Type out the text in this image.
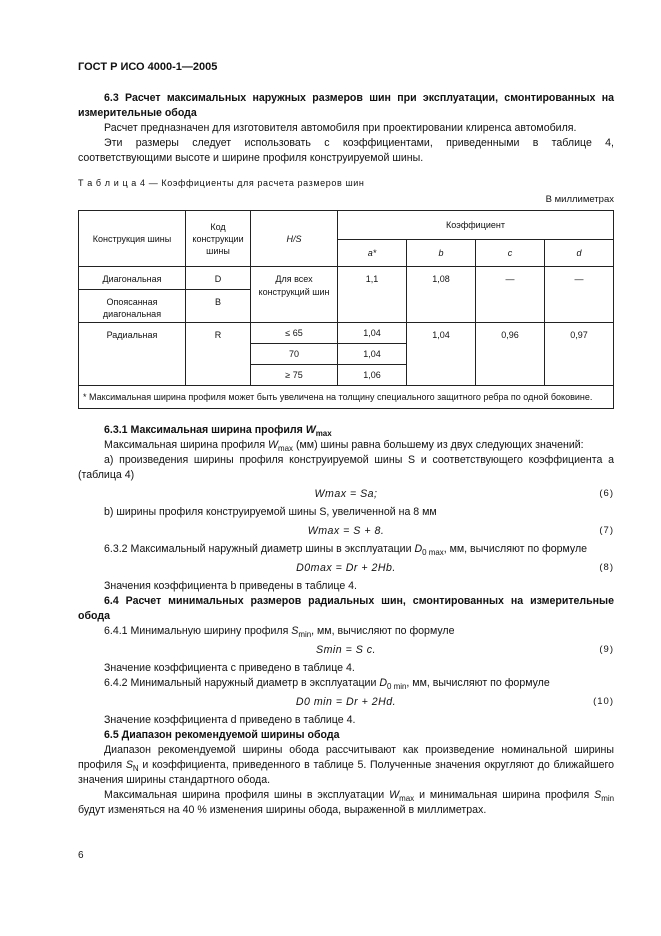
ГОСТ Р ИСО 4000-1—2005
6.3 Расчет максимальных наружных размеров шин при эксплуатации, смонтированных на измерительные обода
Расчет предназначен для изготовителя автомобиля при проектировании клиренса автомобиля.
Эти размеры следует использовать с коэффициентами, приведенными в таблице 4, соответствующими высоте и ширине профиля конструируемой шины.
Т а б л и ц а 4 — Коэффициенты для расчета размеров шин
В миллиметрах
Конструкция шины	Код конструкции шины	H/S	Коэффициент			
			a*	b	c	d
Диагональная	D	Для всех конструкций шин	1,1	1,08	—	—
Опоясанная диагональная	B					
Радиальная	R	≤ 65	1,04	1,04	0,96	0,97
		70	1,04			
		≥ 75	1,06			
* Максимальная ширина профиля может быть увеличена на толщину специального защитного ребра по одной боковине.						
6.3.1 Максимальная ширина профиля $W_{max}$
Максимальная ширина профиля $W_{max}$ (мм) шины равна большему из двух следующих значений:
a) произведения ширины профиля конструируемой шины S и соответствующего коэффициента a (таблица 4)
Wmax = Sa;	(6)
b) ширины профиля конструируемой шины S, увеличенной на 8 мм
Wmax = S + 8.	(7)
6.3.2 Максимальный наружный диаметр шины в эксплуатации $D_{0 max}$, мм, вычисляют по формуле
D0max = Dr + 2Hb.	(8)
Значения коэффициента b приведены в таблице 4.
6.4 Расчет минимальных размеров радиальных шин, смонтированных на измерительные обода
6.4.1 Минимальную ширину профиля $S_{min}$, мм, вычисляют по формуле
Smin = S c.	(9)
Значение коэффициента c приведено в таблице 4.
6.4.2 Минимальный наружный диаметр в эксплуатации $D_{0 min}$, мм, вычисляют по формуле
D0 min = Dr + 2Hd.	(10)
Значение коэффициента d приведено в таблице 4.
6.5 Диапазон рекомендуемой ширины обода
Диапазон рекомендуемой ширины обода рассчитывают как произведение номинальной ширины профиля $S_N$ и коэффициента, приведенного в таблице 5. Полученные значения округляют до ближайшего значения ширины стандартного обода.
Максимальная ширина профиля шины в эксплуатации $W_{max}$ и минимальная ширина профиля $S_{min}$ будут изменяться на 40 % изменения ширины обода, выраженной в миллиметрах.
6
